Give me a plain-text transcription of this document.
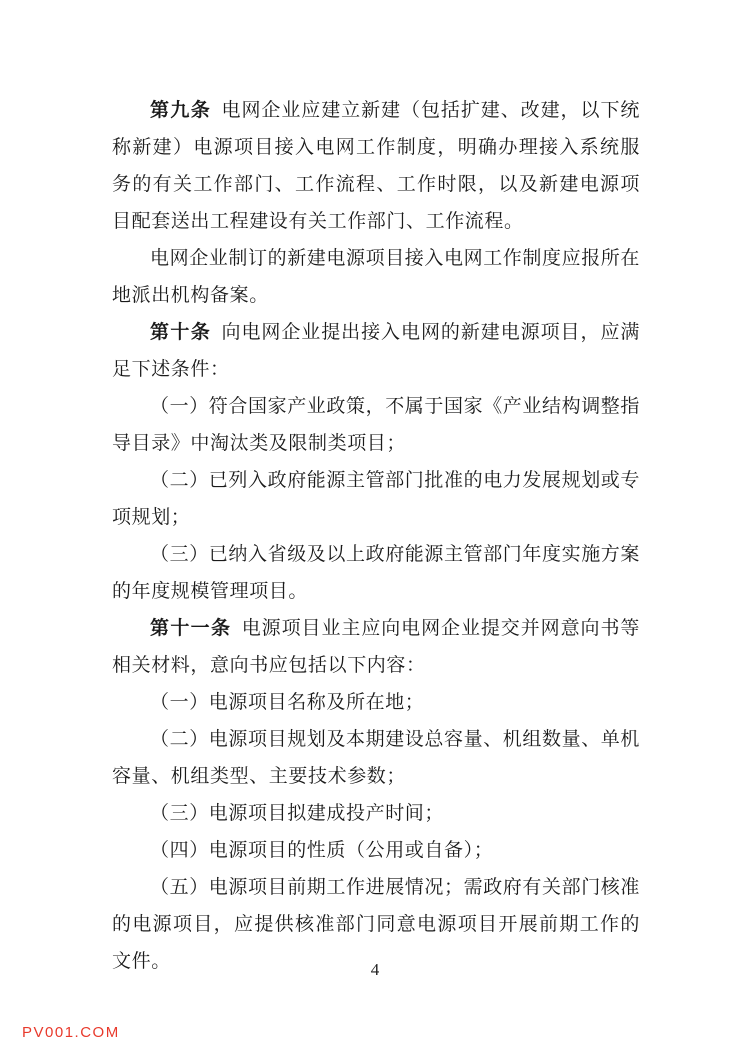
第九条  电网企业应建立新建（包括扩建、改建，以下统称新建）电源项目接入电网工作制度，明确办理接入系统服务的有关工作部门、工作流程、工作时限，以及新建电源项目配套送出工程建设有关工作部门、工作流程。

电网企业制订的新建电源项目接入电网工作制度应报所在地派出机构备案。

第十条  向电网企业提出接入电网的新建电源项目，应满足下述条件：

（一）符合国家产业政策，不属于国家《产业结构调整指导目录》中淘汰类及限制类项目；

（二）已列入政府能源主管部门批准的电力发展规划或专项规划；

（三）已纳入省级及以上政府能源主管部门年度实施方案的年度规模管理项目。

第十一条  电源项目业主应向电网企业提交并网意向书等相关材料，意向书应包括以下内容：

（一）电源项目名称及所在地；

（二）电源项目规划及本期建设总容量、机组数量、单机容量、机组类型、主要技术参数；

（三）电源项目拟建成投产时间；

（四）电源项目的性质（公用或自备）；

（五）电源项目前期工作进展情况；需政府有关部门核准的电源项目，应提供核准部门同意电源项目开展前期工作的文件。	4
PV001.COM
